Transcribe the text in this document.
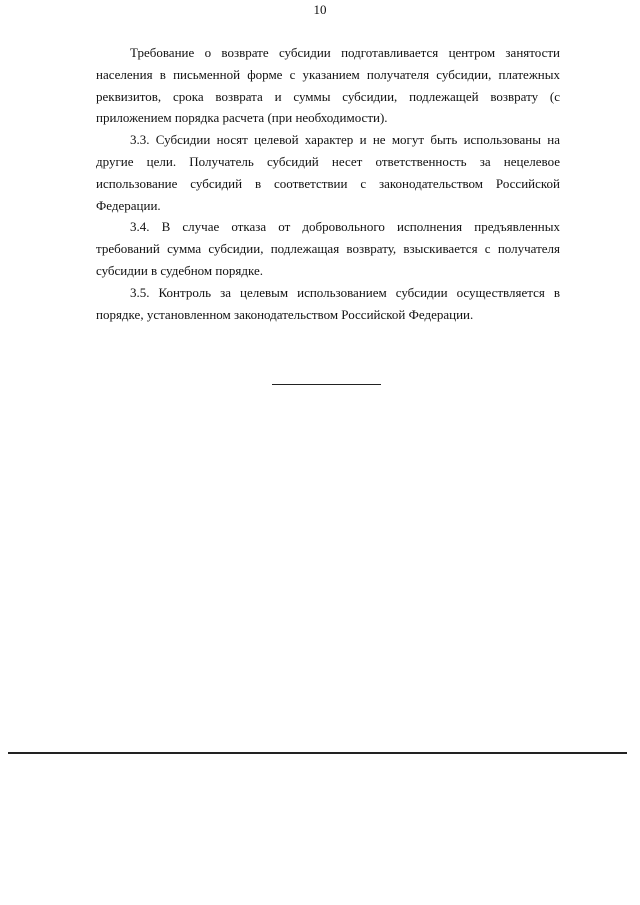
10

Требование о возврате субсидии подготавливается центром занятости населения в письменной форме с указанием получателя субсидии, платежных реквизитов, срока возврата и суммы субсидии, подлежащей возврату (с приложением порядка расчета (при необходимости).

3.3. Субсидии носят целевой характер и не могут быть использованы на другие цели. Получатель субсидий несет ответственность за нецелевое использование субсидий в соответствии с законодательством Российской Федерации.

3.4. В случае отказа от добровольного исполнения предъявленных требований сумма субсидии, подлежащая возврату, взыскивается с получателя субсидии в судебном порядке.

3.5. Контроль за целевым использованием субсидии осуществляется в порядке, установленном законодательством Российской Федерации.
